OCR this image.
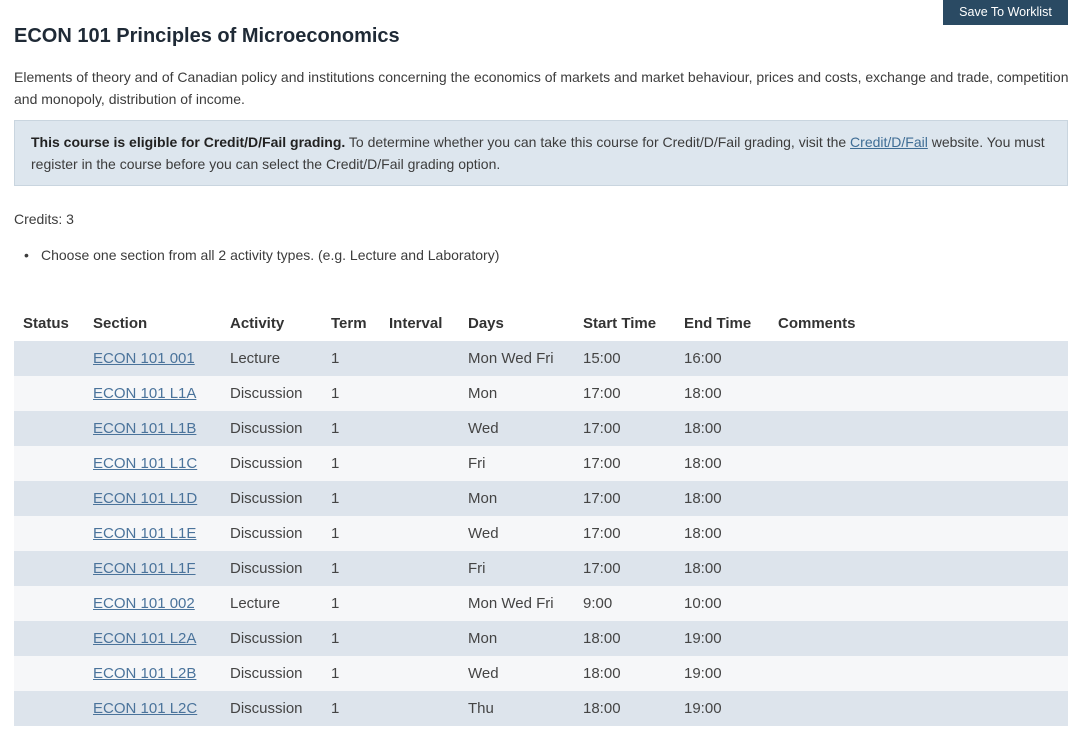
Save To Worklist
ECON 101 Principles of Microeconomics

Elements of theory and of Canadian policy and institutions concerning the economics of markets and market behaviour, prices and costs, exchange and trade, competition and monopoly, distribution of income.

This course is eligible for Credit/D/Fail grading. To determine whether you can take this course for Credit/D/Fail grading, visit the Credit/D/Fail website. You must register in the course before you can select the Credit/D/Fail grading option.

Credits: 3

• Choose one section from all 2 activity types. (e.g. Lecture and Laboratory)
Status	Section	Activity	Term	Interval	Days	Start Time	End Time	Comments
	ECON 101 001	Lecture	1		Mon Wed Fri	15:00	16:00	
	ECON 101 L1A	Discussion	1		Mon	17:00	18:00	
	ECON 101 L1B	Discussion	1		Wed	17:00	18:00	
	ECON 101 L1C	Discussion	1		Fri	17:00	18:00	
	ECON 101 L1D	Discussion	1		Mon	17:00	18:00	
	ECON 101 L1E	Discussion	1		Wed	17:00	18:00	
	ECON 101 L1F	Discussion	1		Fri	17:00	18:00	
	ECON 101 002	Lecture	1		Mon Wed Fri	9:00	10:00	
	ECON 101 L2A	Discussion	1		Mon	18:00	19:00	
	ECON 101 L2B	Discussion	1		Wed	18:00	19:00	
	ECON 101 L2C	Discussion	1		Thu	18:00	19:00	
